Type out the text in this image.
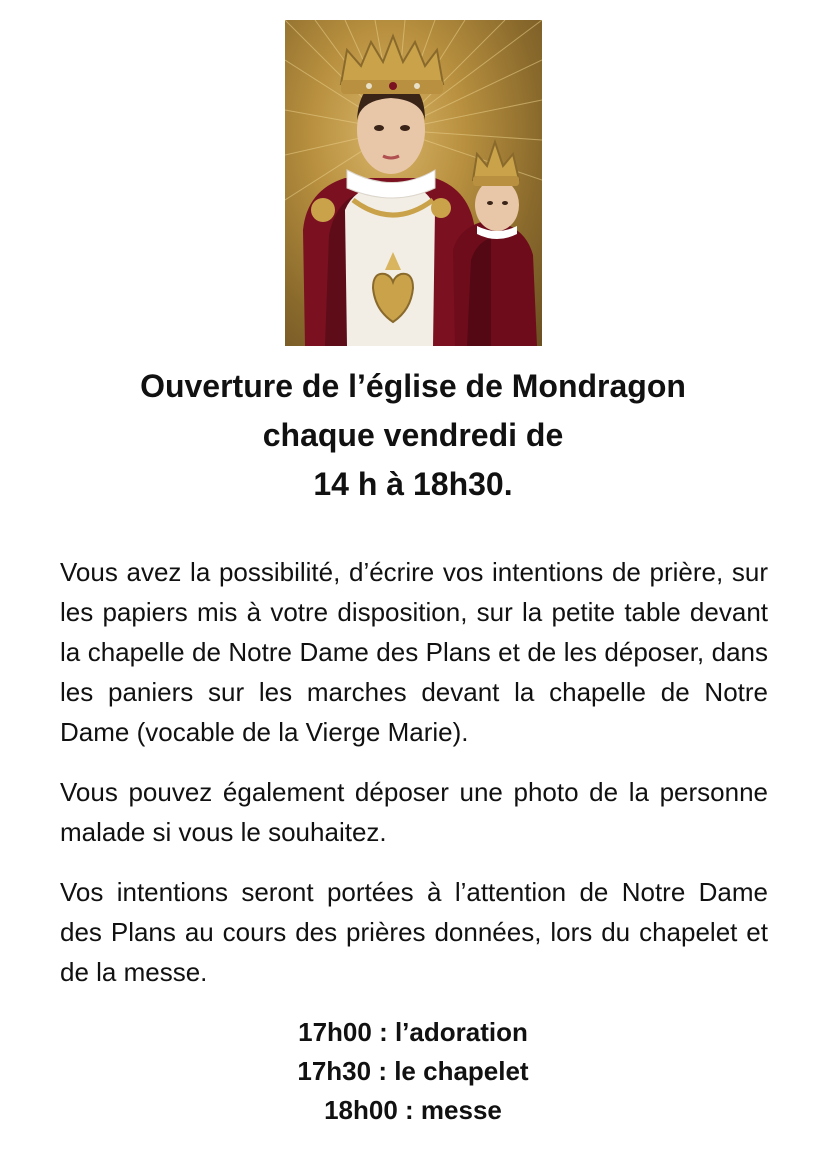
Ouverture de l’église de Mondragon
chaque vendredi de
14 h à 18h30.

Vous avez la possibilité, d’écrire vos intentions de prière, sur les papiers mis à votre disposition, sur la petite table devant la chapelle de Notre Dame des Plans et de les déposer, dans les paniers sur les marches devant la chapelle de Notre Dame (vocable de la Vierge Marie).

Vous pouvez également déposer une photo de la personne malade si vous le souhaitez.

Vos intentions seront portées à l’attention de Notre Dame des Plans au cours des prières données, lors du chapelet et de la messe.

17h00 : l’adoration
17h30 : le chapelet
18h00 : messe
